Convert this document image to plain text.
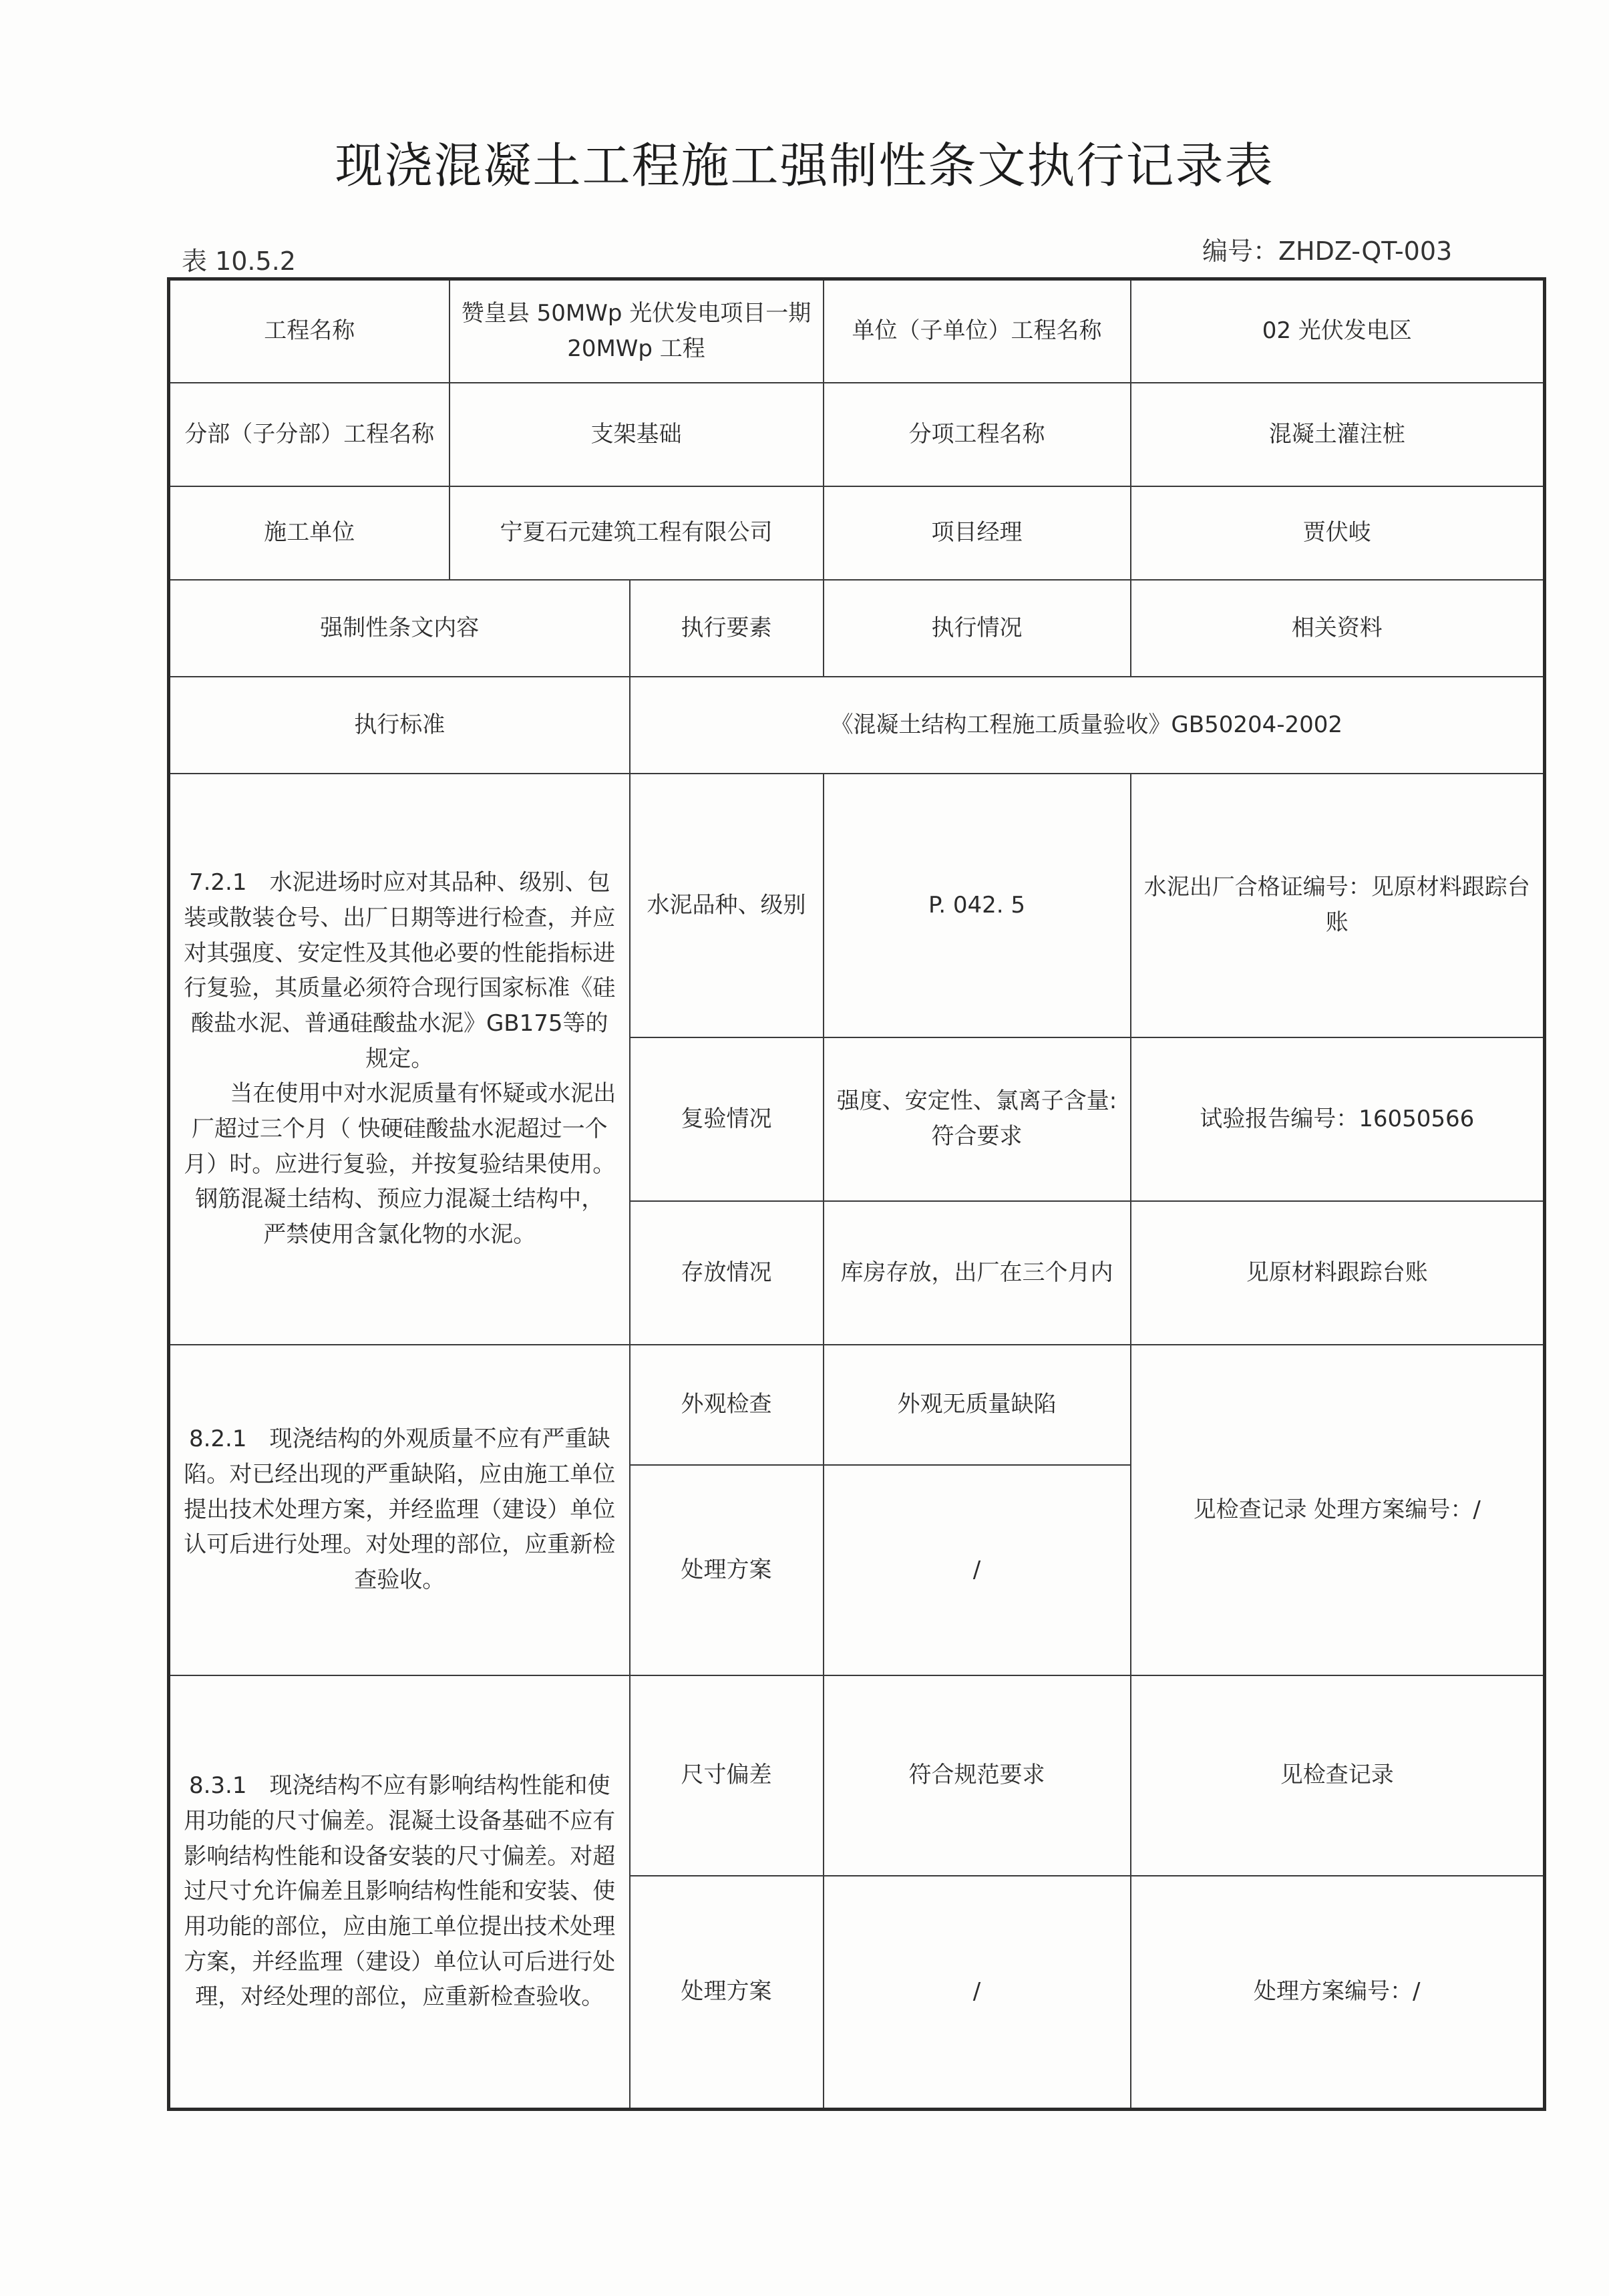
现浇混凝土工程施工强制性条文执行记录表
表 10.5.2	编号：ZHDZ-QT-003
工程名称	赞皇县 50MWp 光伏发电项目一期 20MWp 工程		单位（子单位）工程名称	02 光伏发电区
分部（子分部）工程名称	支架基础		分项工程名称	混凝土灌注桩
施工单位	宁夏石元建筑工程有限公司		项目经理	贾伏岐
强制性条文内容		执行要素	执行情况	相关资料
执行标准		《混凝土结构工程施工质量验收》GB50204-2002		

7.2.1　水泥进场时应对其品种、级别、包装或散装仓号、出厂日期等进行检查，并应对其强度、安定性及其他必要的性能指标进行复验，其质量必须符合现行国家标准《硅酸盐水泥、普通硅酸盐水泥》GB175等的规定。
当在使用中对水泥质量有怀疑或水泥出厂超过三个月（ 快硬硅酸盐水泥超过一个月）时。应进行复验，并按复验结果使用。
钢筋混凝土结构、预应力混凝土结构中，
严禁使用含氯化物的水泥。		水泥品种、级别	P. 042. 5	水泥出厂合格证编号：见原材料跟踪台账
		复验情况	强度、安定性、氯离子含量:符合要求	试验报告编号：16050566
		存放情况	库房存放，出厂在三个月内	见原材料跟踪台账

8.2.1　现浇结构的外观质量不应有严重缺陷。对已经出现的严重缺陷，应由施工单位提出技术处理方案，并经监理（建设）单位认可后进行处理。对处理的部位，应重新检查验收。		外观检查	外观无质量缺陷	见检查记录 处理方案编号：/
		处理方案	/	

8.3.1　现浇结构不应有影响结构性能和使用功能的尺寸偏差。混凝土设备基础不应有影响结构性能和设备安装的尺寸偏差。对超过尺寸允许偏差且影响结构性能和安装、使用功能的部位，应由施工单位提出技术处理方案，并经监理（建设）单位认可后进行处理，对经处理的部位，应重新检查验收。		尺寸偏差	符合规范要求	见检查记录
		处理方案	/	处理方案编号：/
